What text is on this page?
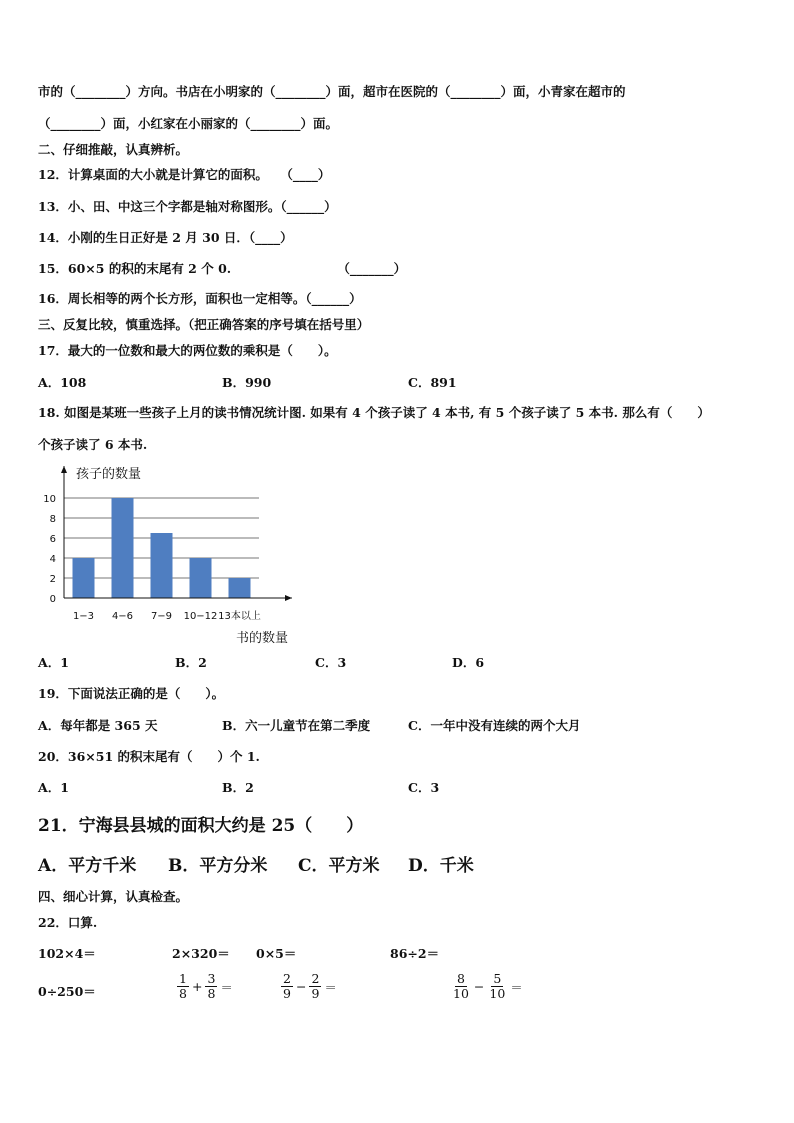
市的（________）方向。书店在小明家的（________）面，超市在医院的（________）面，小青家在超市的
（________）面，小红家在小丽家的（________）面。
二、仔细推敲，认真辨析。
12．计算桌面的大小就是计算它的面积。　　（____）
13．小、田、中这三个字都是轴对称图形。（______）
14．小刚的生日正好是 2 月 30 日．（____）
15．60×5 的积的末尾有 2 个 0.　　　　　　　　　（_______）
16．周长相等的两个长方形，面积也一定相等。（______）
三、反复比较，慎重选择。（把正确答案的序号填在括号里）
17．最大的一位数和最大的两位数的乘积是（　　）。
18. 如图是某班一些孩子上月的读书情况统计图. 如果有 4 个孩子读了 4 本书, 有 5 个孩子读了 5 本书. 那么有（　　）
个孩子读了 6 本书.
19．下面说法正确的是（　　）。
20．36×51 的积末尾有（　　）个 1.
四、细心计算，认真检查。
22．口算.
A．108	B．990	C．891
A．1	B．2	C．3	D．6
A．每年都是 365 天	B．六一儿童节在第二季度	C．一年中没有连续的两个大月
A．1	B．2	C．3
21．宁海县县城的面积大约是 25（　　）
A．平方千米 B．平方分米 C．平方米 D．千米
102×4＝	2×320＝ 0×5＝	86÷2＝
0÷250＝	$\frac{1}{8} + \frac{3}{8}$ ＝	$\frac{2}{9} - \frac{2}{9}$ ＝	$\frac{8}{10} - \frac{5}{10}$ ＝
0
2
4
6
8
10
1−3 4−6 7−9 10−12 13本以上
孩子的数量
书的数量
